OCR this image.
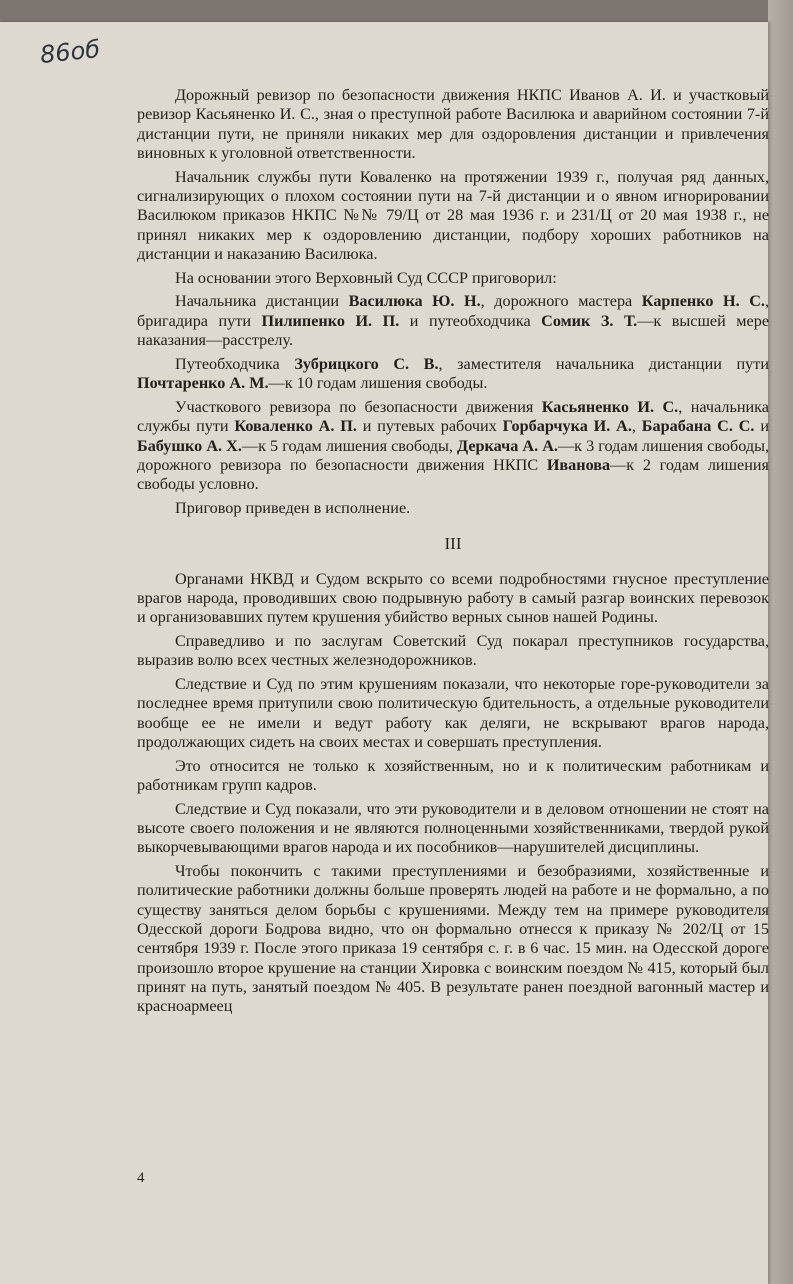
86об

Дорожный ревизор по безопасности движения НКПС Иванов А. И. и участковый ревизор Касьяненко И. С., зная о преступной работе Василюка и аварийном состоянии 7-й дистанции пути, не приняли никаких мер для оздоровления дистанции и привлечения виновных к уголовной ответственности.

Начальник службы пути Коваленко на протяжении 1939 г., получая ряд данных, сигнализирующих о плохом состоянии пути на 7-й дистанции и о явном игнорировании Василюком приказов НКПС №№ 79/Ц от 28 мая 1936 г. и 231/Ц от 20 мая 1938 г., не принял никаких мер к оздоровлению дистанции, подбору хороших работников на дистанции и наказанию Василюка.

На основании этого Верховный Суд СССР приговорил:

Начальника дистанции Василюка Ю. Н., дорожного мастера Карпенко Н. С., бригадира пути Пилипенко И. П. и путеобходчика Сомик З. Т.—к высшей мере наказания—расстрелу.

Путеобходчика Зубрицкого С. В., заместителя начальника дистанции пути Почтаренко А. М.—к 10 годам лишения свободы.

Участкового ревизора по безопасности движения Касьяненко И. С., начальника службы пути Коваленко А. П. и путевых рабочих Горбарчука И. А., Барабана С. С. и Бабушко А. Х.—к 5 годам лишения свободы, Деркача А. А.—к 3 годам лишения свободы, дорожного ревизора по безопасности движения НКПС Иванова—к 2 годам лишения свободы условно.

Приговор приведен в исполнение.

III

Органами НКВД и Судом вскрыто со всеми подробностями гнусное преступление врагов народа, проводивших свою подрывную работу в самый разгар воинских перевозок и организовавших путем крушения убийство верных сынов нашей Родины.

Справедливо и по заслугам Советский Суд покарал преступников государства, выразив волю всех честных железнодорожников.

Следствие и Суд по этим крушениям показали, что некоторые горе-руководители за последнее время притупили свою политическую бдительность, а отдельные руководители вообще ее не имели и ведут работу как деляги, не вскрывают врагов народа, продолжающих сидеть на своих местах и совершать преступления.

Это относится не только к хозяйственным, но и к политическим работникам и работникам групп кадров.

Следствие и Суд показали, что эти руководители и в деловом отношении не стоят на высоте своего положения и не являются полноценными хозяйственниками, твердой рукой выкорчевывающими врагов народа и их пособников—нарушителей дисциплины.

Чтобы покончить с такими преступлениями и безобразиями, хозяйственные и политические работники должны больше проверять людей на работе и не формально, а по существу заняться делом борьбы с крушениями. Между тем на примере руководителя Одесской дороги Бодрова видно, что он формально отнесся к приказу № 202/Ц от 15 сентября 1939 г. После этого приказа 19 сентября с. г. в 6 час. 15 мин. на Одесской дороге произошло второе крушение на станции Хировка с воинским поездом № 415, который был принят на путь, занятый поездом № 405. В результате ранен поездной вагонный мастер и красноармеец

4
